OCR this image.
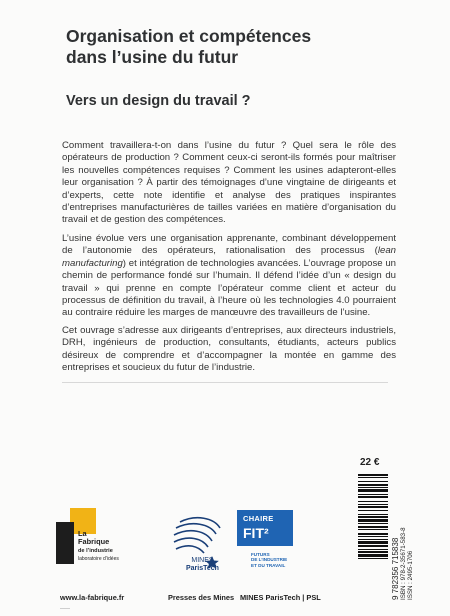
Organisation et compétences
dans l’usine du futur
Vers un design du travail ?

Comment travaillera-t-on dans l’usine du futur ? Quel sera le rôle des opérateurs de production ? Comment ceux-ci seront-ils formés pour maîtriser les nouvelles compétences requises ? Comment les usines adapteront-elles leur organisation ? À partir des témoignages d’une vingtaine de dirigeants et d’experts, cette note identifie et analyse des pratiques inspirantes d’entreprises manufacturières de tailles variées en matière d’organisation du travail et de gestion des compétences.

L’usine évolue vers une organisation apprenante, combinant développement de l’autonomie des opérateurs, rationalisation des processus (lean manufacturing) et intégration de technologies avancées. L’ouvrage propose un chemin de performance fondé sur l’humain. Il défend l’idée d’un « design du travail » qui prenne en compte l’opérateur comme client et acteur du processus de définition du travail, à l’heure où les technologies 4.0 pourraient au contraire réduire les marges de manœuvre des travailleurs de l’usine.

Cet ouvrage s’adresse aux dirigeants d’entreprises, aux directeurs industriels, DRH, ingénieurs de production, consultants, étudiants, acteurs publics désireux de comprendre et d’accompagner la montée en gamme des entreprises et soucieux du futur de l’industrie.

22 €
La
Fabrique
de l’industrie
laboratoire d’idées
www.la-fabrique.fr
MINES
ParisTech
Presses des Mines
CHAIRE
FIT²
FUTURS
DE L’INDUSTRIE
ET DU TRAVAIL
MINES ParisTech | PSL	9 782356 715838
ISBN : 978-2-35671-583-8
ISSN : 2495-1706
